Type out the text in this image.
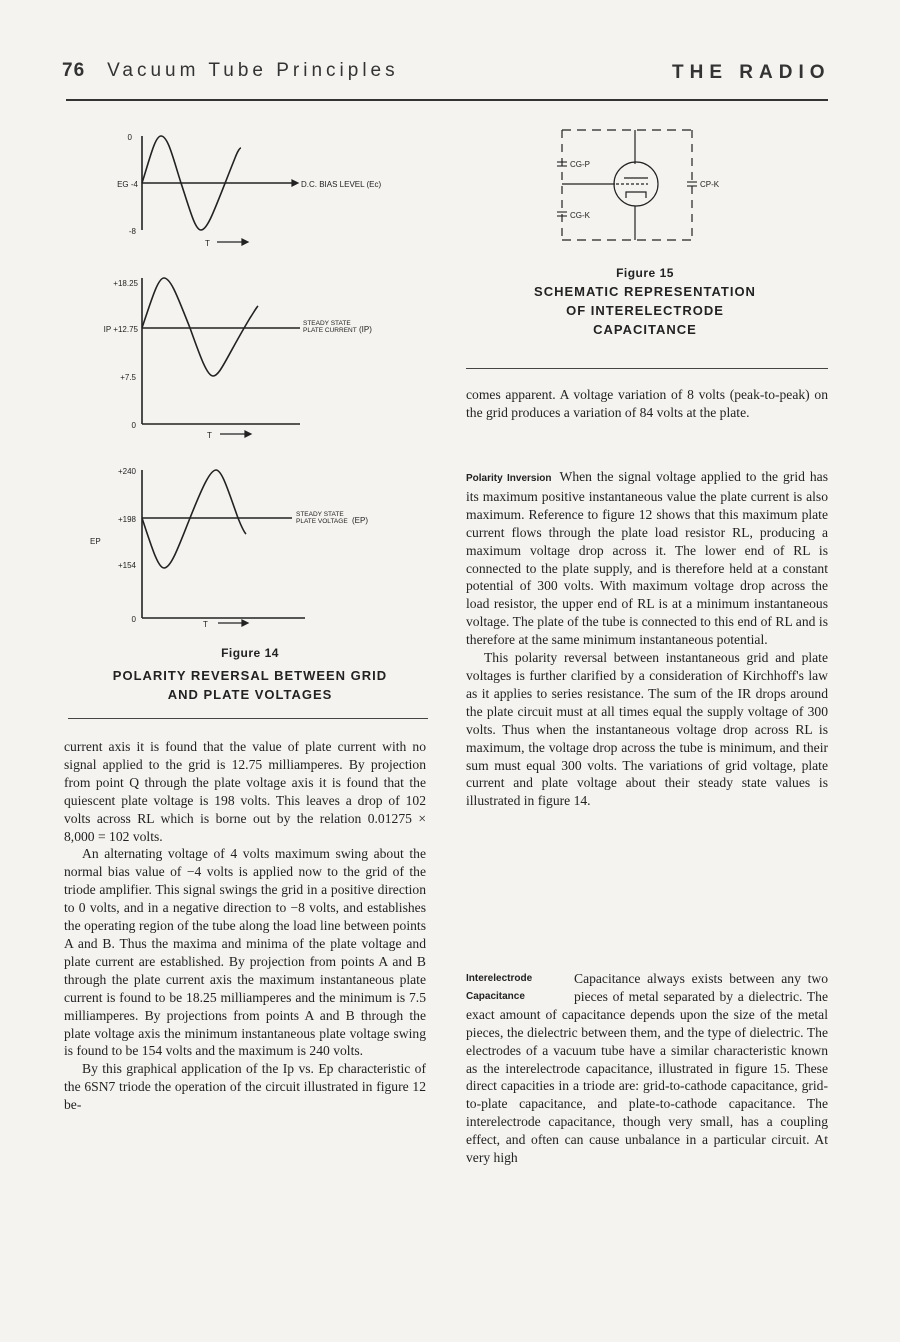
76 Vacuum Tube Principles	THE RADIO
0
EG -4
-8
D.C. BIAS LEVEL (Ec)
T
+18.25
IP +12.75
+7.5
0
STEADY STATE
PLATE CURRENT (IP)
T
+240
+198
EP
+154
0
STEADY STATE
PLATE VOLTAGE (EP)
T
Figure 14
POLARITY REVERSAL BETWEEN GRID
AND PLATE VOLTAGES
CG-P
CP-K
CG-K
Figure 15
SCHEMATIC REPRESENTATION
OF INTERELECTRODE
CAPACITANCE

current axis it is found that the value of plate current with no signal applied to the grid is 12.75 milliamperes. By projection from point Q through the plate voltage axis it is found that the quiescent plate voltage is 198 volts. This leaves a drop of 102 volts across RL which is borne out by the relation 0.01275 × 8,000 = 102 volts.

An alternating voltage of 4 volts maximum swing about the normal bias value of −4 volts is applied now to the grid of the triode amplifier. This signal swings the grid in a positive direction to 0 volts, and in a negative direction to −8 volts, and establishes the operating region of the tube along the load line between points A and B. Thus the maxima and minima of the plate voltage and plate current are established. By projection from points A and B through the plate current axis the maximum instantaneous plate current is found to be 18.25 milliamperes and the minimum is 7.5 milliamperes. By projections from points A and B through the plate voltage axis the minimum instantaneous plate voltage swing is found to be 154 volts and the maximum is 240 volts.

By this graphical application of the Ip vs. Ep characteristic of the 6SN7 triode the operation of the circuit illustrated in figure 12 be-

comes apparent. A voltage variation of 8 volts (peak-to-peak) on the grid produces a variation of 84 volts at the plate.

Polarity Inversion When the signal voltage applied to the grid has its maximum positive instantaneous value the plate current is also maximum. Reference to figure 12 shows that this maximum plate current flows through the plate load resistor RL, producing a maximum voltage drop across it. The lower end of RL is connected to the plate supply, and is therefore held at a constant potential of 300 volts. With maximum voltage drop across the load resistor, the upper end of RL is at a minimum instantaneous voltage. The plate of the tube is connected to this end of RL and is therefore at the same minimum instantaneous potential.

This polarity reversal between instantaneous grid and plate voltages is further clarified by a consideration of Kirchhoff's law as it applies to series resistance. The sum of the IR drops around the plate circuit must at all times equal the supply voltage of 300 volts. Thus when the instantaneous voltage drop across RL is maximum, the voltage drop across the tube is minimum, and their sum must equal 300 volts. The variations of grid voltage, plate current and plate voltage about their steady state values is illustrated in figure 14.

Interelectrode
Capacitance

Capacitance always exists between any two pieces of metal separated by a dielectric. The exact amount of capacitance depends upon the size of the metal pieces, the dielectric between them, and the type of dielectric. The electrodes of a vacuum tube have a similar characteristic known as the interelectrode capacitance, illustrated in figure 15. These direct capacities in a triode are: grid-to-cathode capacitance, grid-to-plate capacitance, and plate-to-cathode capacitance. The interelectrode capacitance, though very small, has a coupling effect, and often can cause unbalance in a particular circuit. At very high
